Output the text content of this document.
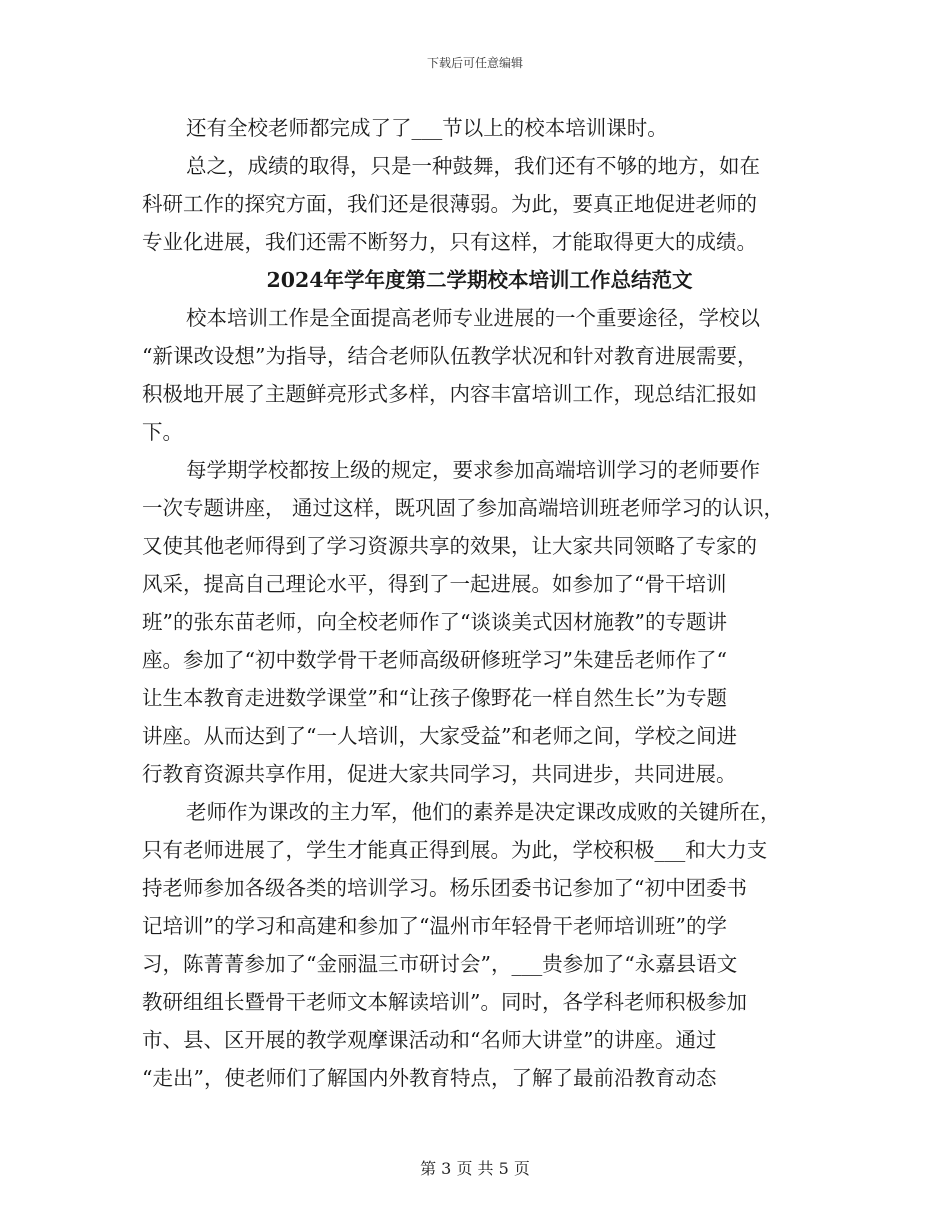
下载后可任意编辑
还有全校老师都完成了了___节以上的校本培训课时。
总之，成绩的取得，只是一种鼓舞，我们还有不够的地方，如在
科研工作的探究方面，我们还是很薄弱。为此，要真正地促进老师的
专业化进展，我们还需不断努力，只有这样，才能取得更大的成绩。
2024年学年度第二学期校本培训工作总结范文
校本培训工作是全面提高老师专业进展的一个重要途径，学校以
“新课改设想”为指导，结合老师队伍教学状况和针对教育进展需要，
积极地开展了主题鲜亮形式多样，内容丰富培训工作，现总结汇报如
下。
每学期学校都按上级的规定，要求参加高端培训学习的老师要作
一次专题讲座， 通过这样，既巩固了参加高端培训班老师学习的认识，
又使其他老师得到了学习资源共享的效果，让大家共同领略了专家的
风采，提高自己理论水平，得到了一起进展。如参加了“骨干培训
班”的张东苗老师，向全校老师作了“谈谈美式因材施教”的专题讲
座。参加了“初中数学骨干老师高级研修班学习”朱建岳老师作了“
让生本教育走进数学课堂”和“让孩子像野花一样自然生长”为专题
讲座。从而达到了“一人培训，大家受益”和老师之间，学校之间进
行教育资源共享作用，促进大家共同学习，共同进步，共同进展。
老师作为课改的主力军，他们的素养是决定课改成败的关键所在，
只有老师进展了，学生才能真正得到展。为此，学校积极___和大力支
持老师参加各级各类的培训学习。杨乐团委书记参加了“初中团委书
记培训”的学习和高建和参加了“温州市年轻骨干老师培训班”的学
习，陈菁菁参加了“金丽温三市研讨会”，___贵参加了“永嘉县语文
教研组组长暨骨干老师文本解读培训”。同时，各学科老师积极参加
市、县、区开展的教学观摩课活动和“名师大讲堂”的讲座。通过
“走出”，使老师们了解国内外教育特点，了解了最前沿教育动态
第 3 页 共 5 页
